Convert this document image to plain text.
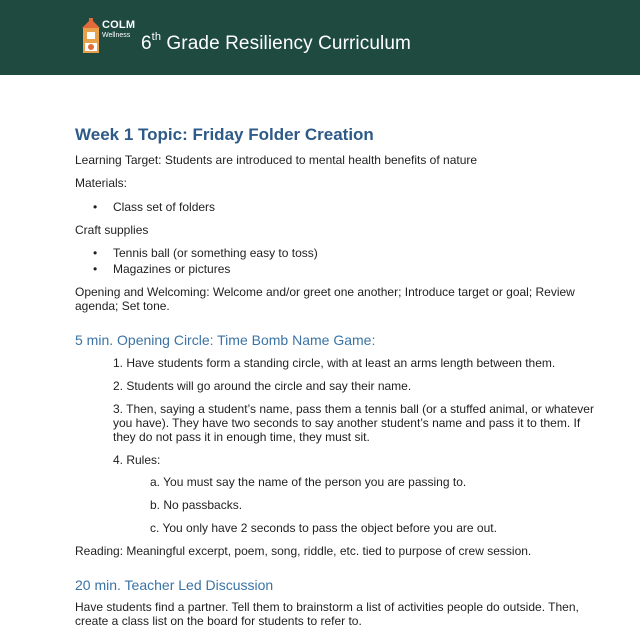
COLM
Wellness 6th Grade Resiliency Curriculum
Week 1 Topic: Friday Folder Creation
Learning Target: Students are introduced to mental health benefits of nature
Materials:
• Class set of folders
Craft supplies
• Tennis ball (or something easy to toss)
• Magazines or pictures
Opening and Welcoming: Welcome and/or greet one another; Introduce target or goal; Review
agenda; Set tone.
5 min. Opening Circle: Time Bomb Name Game:
1. Have students form a standing circle, with at least an arms length between them.
2. Students will go around the circle and say their name.
3. Then, saying a student’s name, pass them a tennis ball (or a stuffed animal, or whatever
you have). They have two seconds to say another student’s name and pass it to them. If
they do not pass it in enough time, they must sit.
4. Rules:
a. You must say the name of the person you are passing to.
b. No passbacks.
c. You only have 2 seconds to pass the object before you are out.
Reading: Meaningful excerpt, poem, song, riddle, etc. tied to purpose of crew session.
20 min. Teacher Led Discussion
Have students find a partner. Tell them to brainstorm a list of activities people do outside. Then,
create a class list on the board for students to refer to.
